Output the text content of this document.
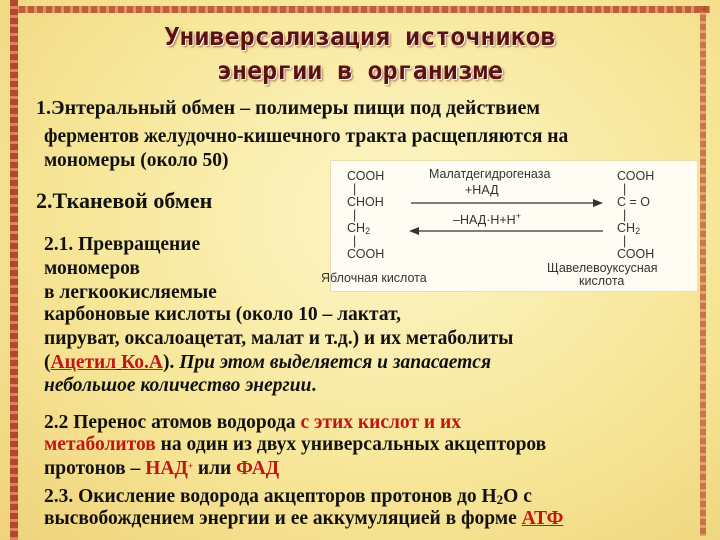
Универсализация источников
энергии в организме
1.Энтеральный обмен – полимеры пищи под действием
ферментов желудочно-кишечного тракта расщепляются на
мономеры (около 50)
2.Тканевой обмен
СООН
|
СНОН
|
$СН_2$
|
СООН
Яблочная кислота
Малатдегидрогеназа
+НАД
–НАД·Н+Н+
СООН
|
С = О
|
$СН_2$
|
СООН
Щавелевоуксусная
кислота
2.1. Превращение
мономеров
в легкоокисляемые
карбоновые кислоты (около 10 – лактат,
пируват, оксалоацетат, малат и т.д.) и их метаболиты
(Ацетил Ко.А). При этом выделяется и запасается
небольшое количество энергии.
2.2 Перенос атомов водорода с этих кислот и их
метаболитов на один из двух универсальных акцепторов
протонов – НАД+ или ФАД
2.3. Окисление водорода акцепторов протонов до Н2О с
высвобождением энергии и ее аккумуляцией в форме АТФ
